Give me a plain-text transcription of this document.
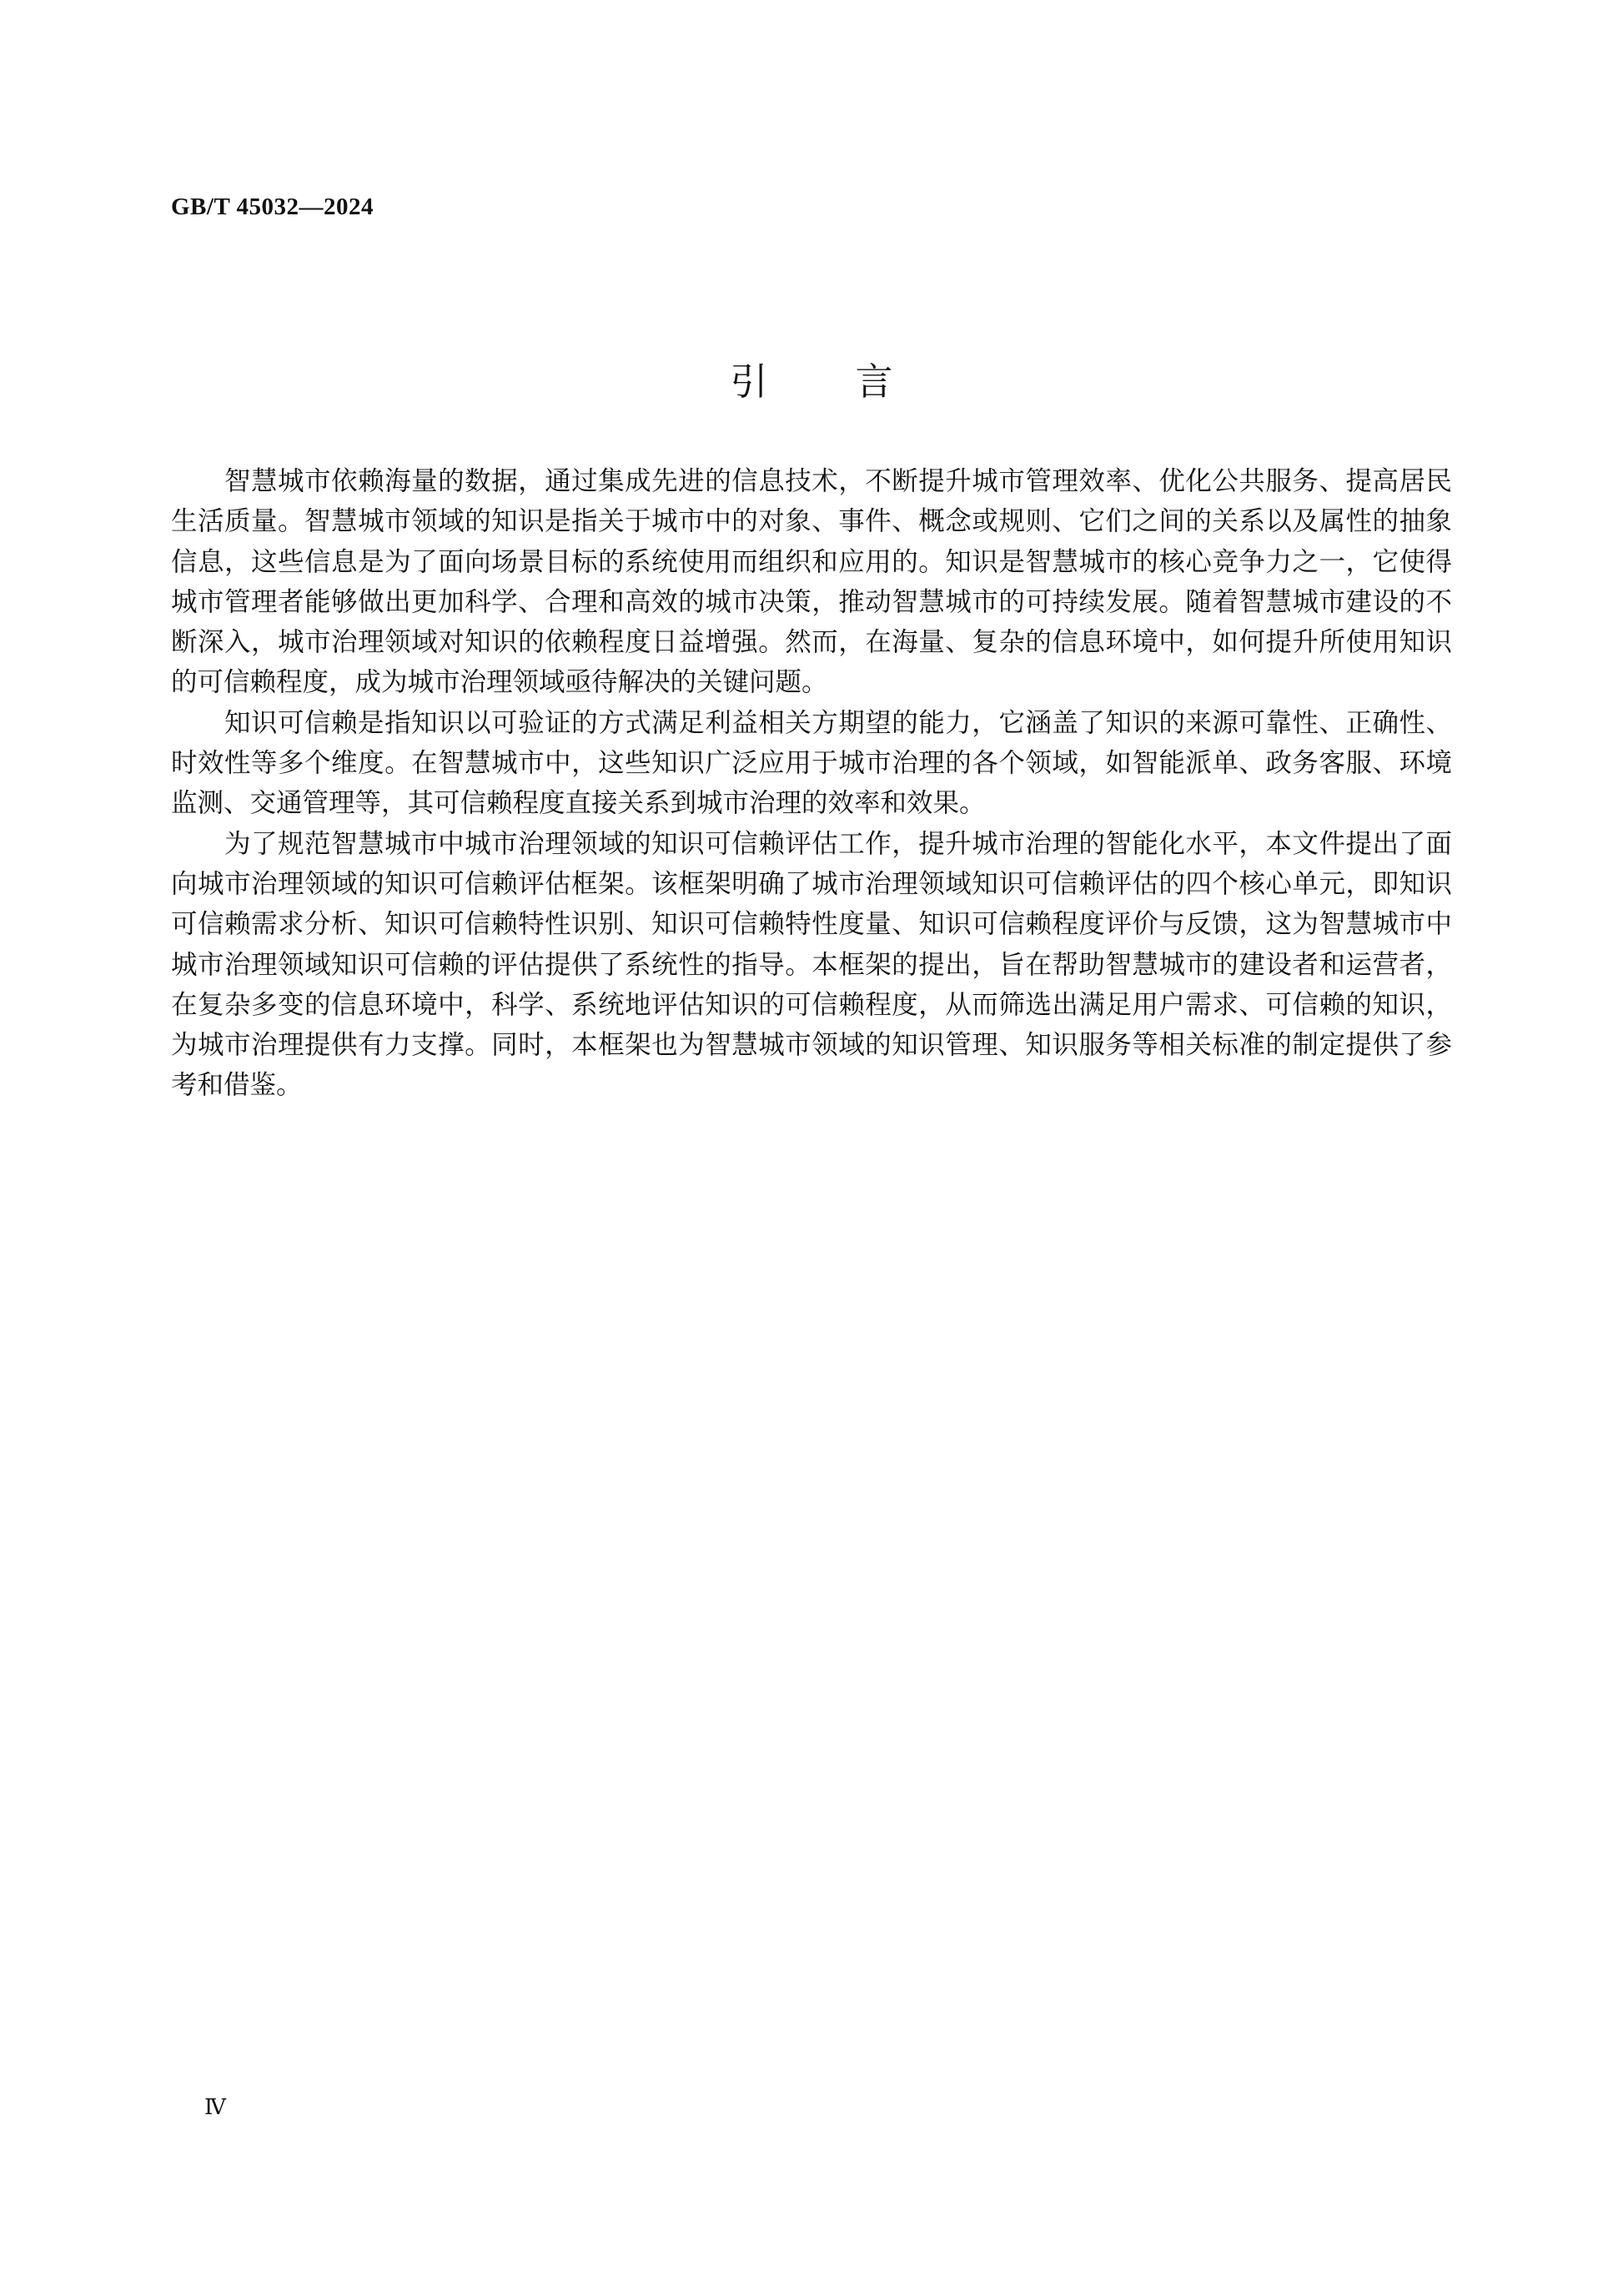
GB/T 45032—2024
引 言

智慧城市依赖海量的数据，通过集成先进的信息技术，不断提升城市管理效率、优化公共服务、提高居民生活质量。智慧城市领域的知识是指关于城市中的对象、事件、概念或规则、它们之间的关系以及属性的抽象信息，这些信息是为了面向场景目标的系统使用而组织和应用的。知识是智慧城市的核心竞争力之一，它使得城市管理者能够做出更加科学、合理和高效的城市决策，推动智慧城市的可持续发展。随着智慧城市建设的不断深入，城市治理领域对知识的依赖程度日益增强。然而，在海量、复杂的信息环境中，如何提升所使用知识的可信赖程度，成为城市治理领域亟待解决的关键问题。

知识可信赖是指知识以可验证的方式满足利益相关方期望的能力，它涵盖了知识的来源可靠性、正确性、时效性等多个维度。在智慧城市中，这些知识广泛应用于城市治理的各个领域，如智能派单、政务客服、环境监测、交通管理等，其可信赖程度直接关系到城市治理的效率和效果。

为了规范智慧城市中城市治理领域的知识可信赖评估工作，提升城市治理的智能化水平，本文件提出了面向城市治理领域的知识可信赖评估框架。该框架明确了城市治理领域知识可信赖评估的四个核心单元，即知识可信赖需求分析、知识可信赖特性识别、知识可信赖特性度量、知识可信赖程度评价与反馈，这为智慧城市中城市治理领域知识可信赖的评估提供了系统性的指导。本框架的提出，旨在帮助智慧城市的建设者和运营者，在复杂多变的信息环境中，科学、系统地评估知识的可信赖程度，从而筛选出满足用户需求、可信赖的知识，为城市治理提供有力支撑。同时，本框架也为智慧城市领域的知识管理、知识服务等相关标准的制定提供了参考和借鉴。

Ⅳ
